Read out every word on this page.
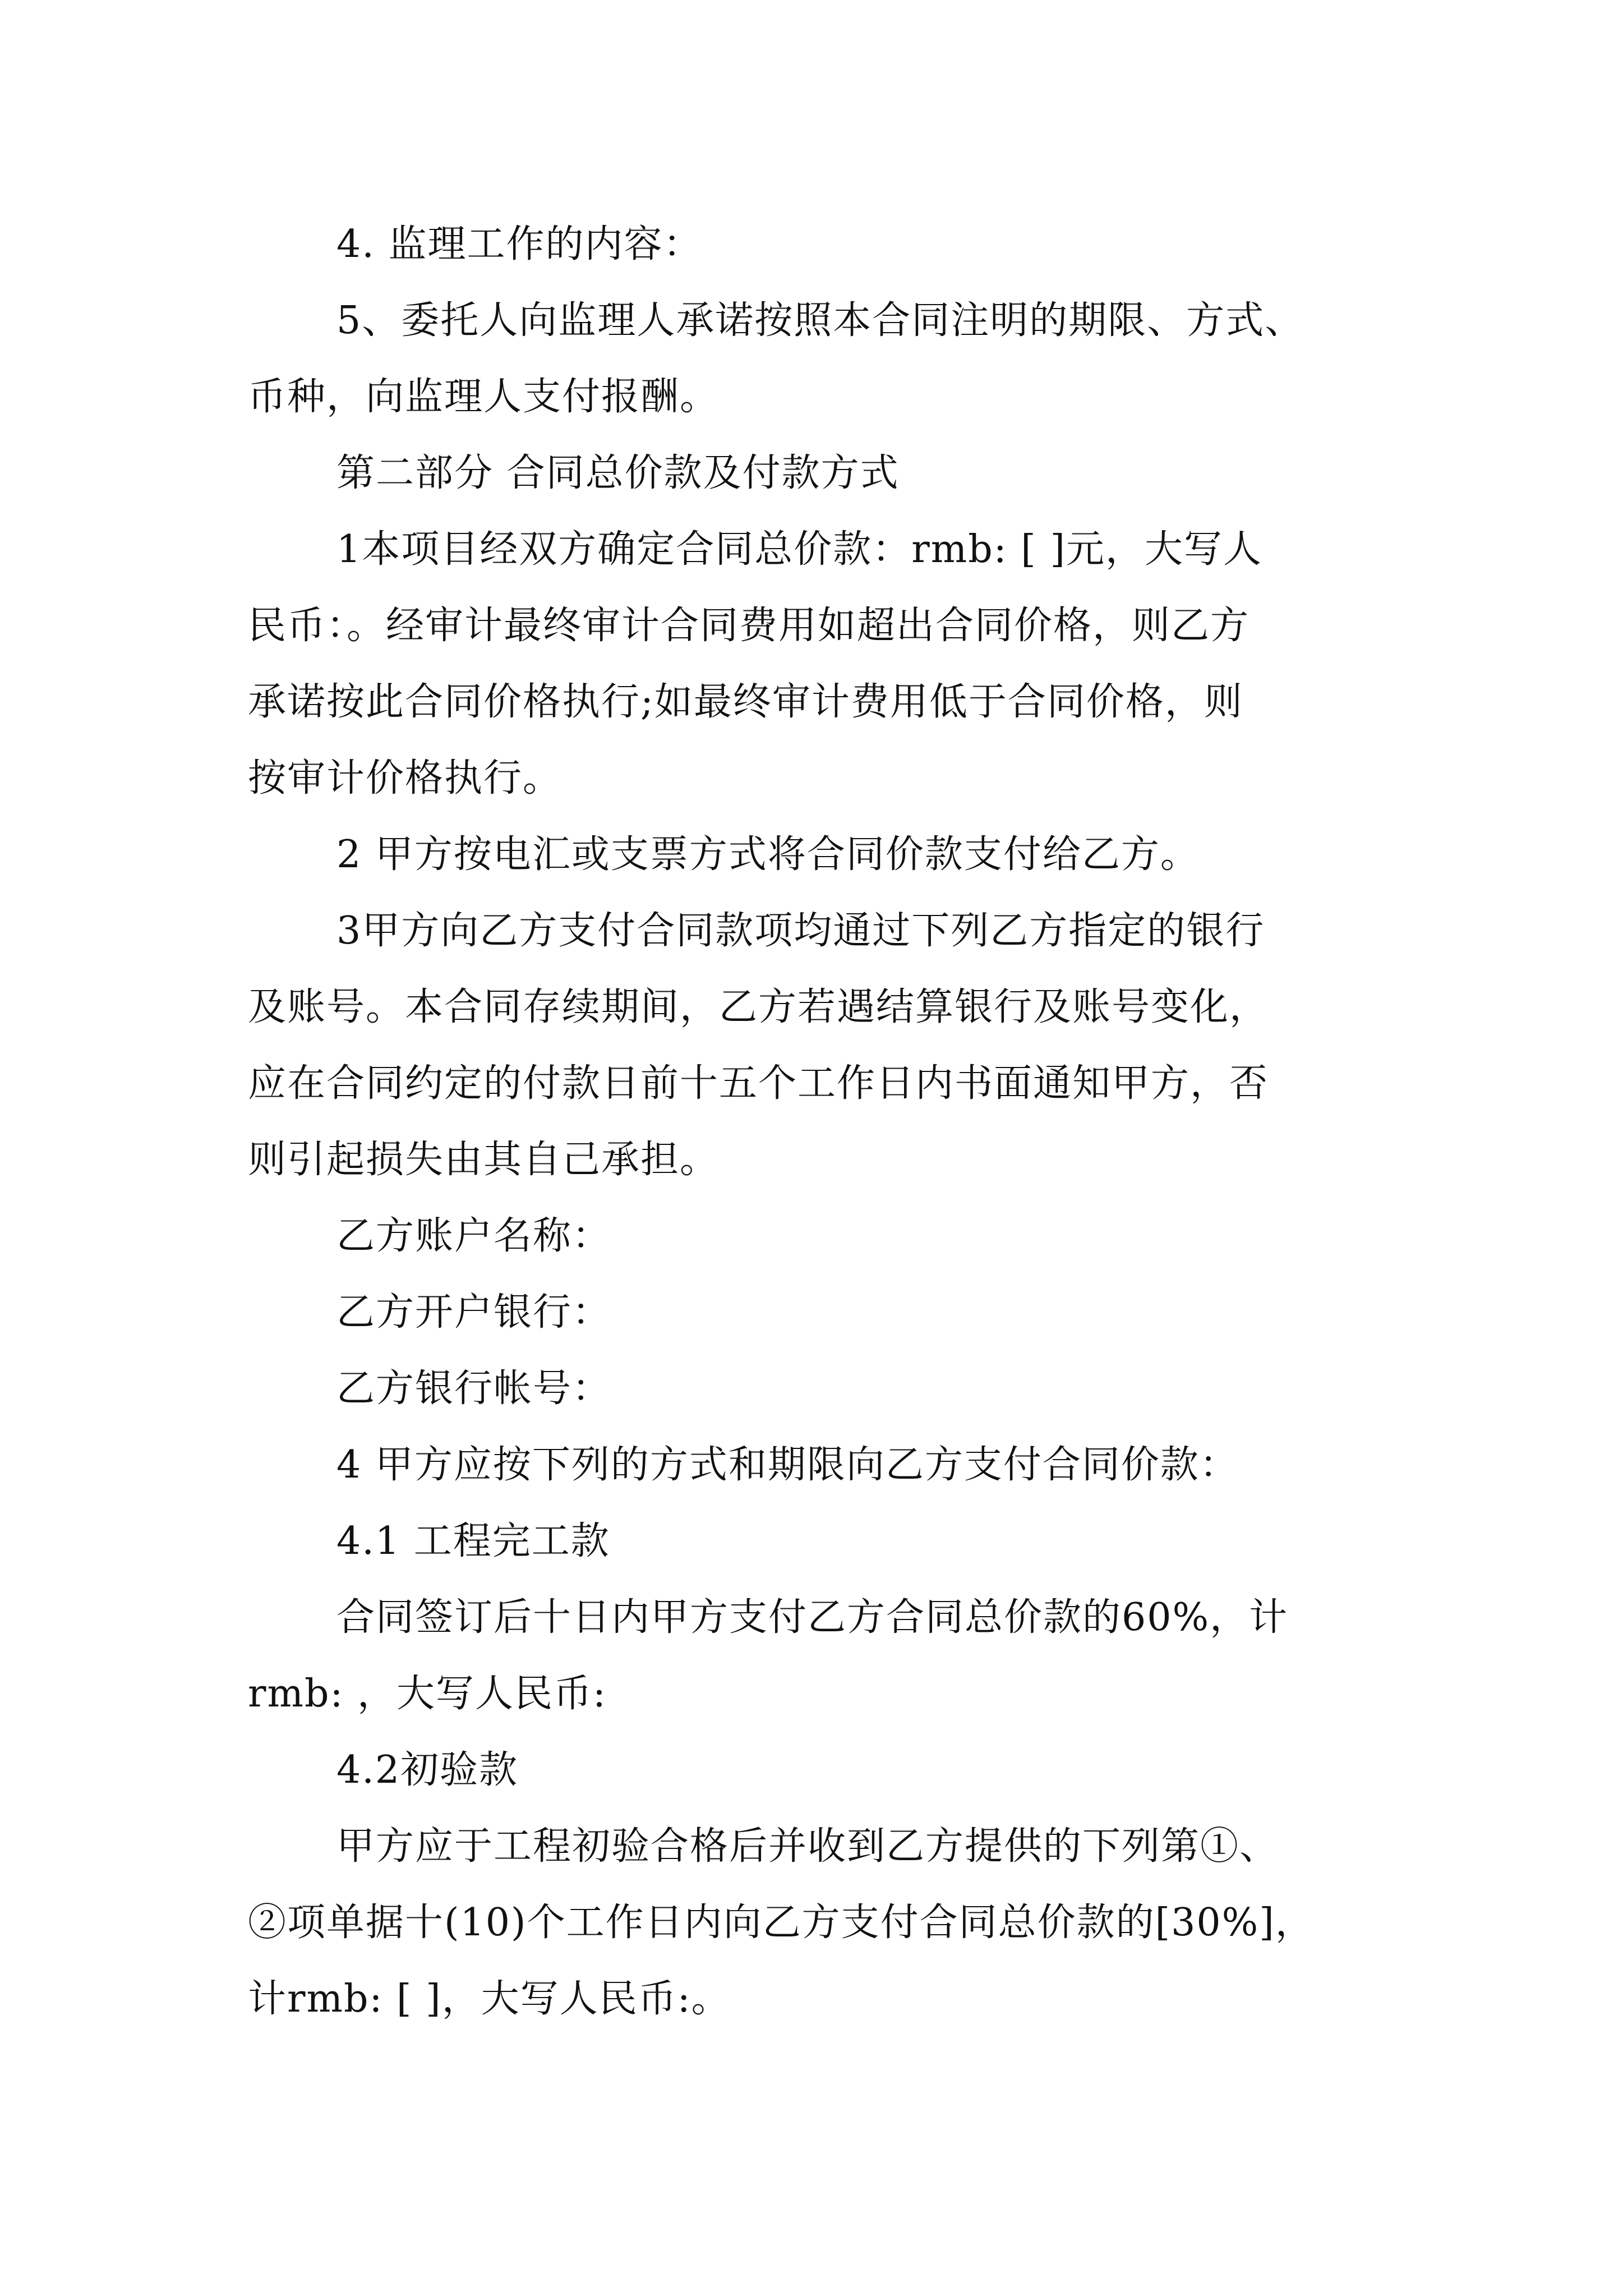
4. 监理工作的内容：
5、委托人向监理人承诺按照本合同注明的期限、方式、
币种，向监理人支付报酬。
第二部分 合同总价款及付款方式
1本项目经双方确定合同总价款：rmb: [ ]元，大写人
民币：。经审计最终审计合同费用如超出合同价格，则乙方
承诺按此合同价格执行;如最终审计费用低于合同价格，则
按审计价格执行。
2 甲方按电汇或支票方式将合同价款支付给乙方。
3甲方向乙方支付合同款项均通过下列乙方指定的银行
及账号。本合同存续期间，乙方若遇结算银行及账号变化，
应在合同约定的付款日前十五个工作日内书面通知甲方，否
则引起损失由其自己承担。
乙方账户名称：
乙方开户银行：
乙方银行帐号：
4 甲方应按下列的方式和期限向乙方支付合同价款：
4.1 工程完工款
合同签订后十日内甲方支付乙方合同总价款的60%，计
rmb: ，大写人民币:
4.2初验款
甲方应于工程初验合格后并收到乙方提供的下列第①、
②项单据十(10)个工作日内向乙方支付合同总价款的[30%]，
计rmb: [ ]，大写人民币:。
